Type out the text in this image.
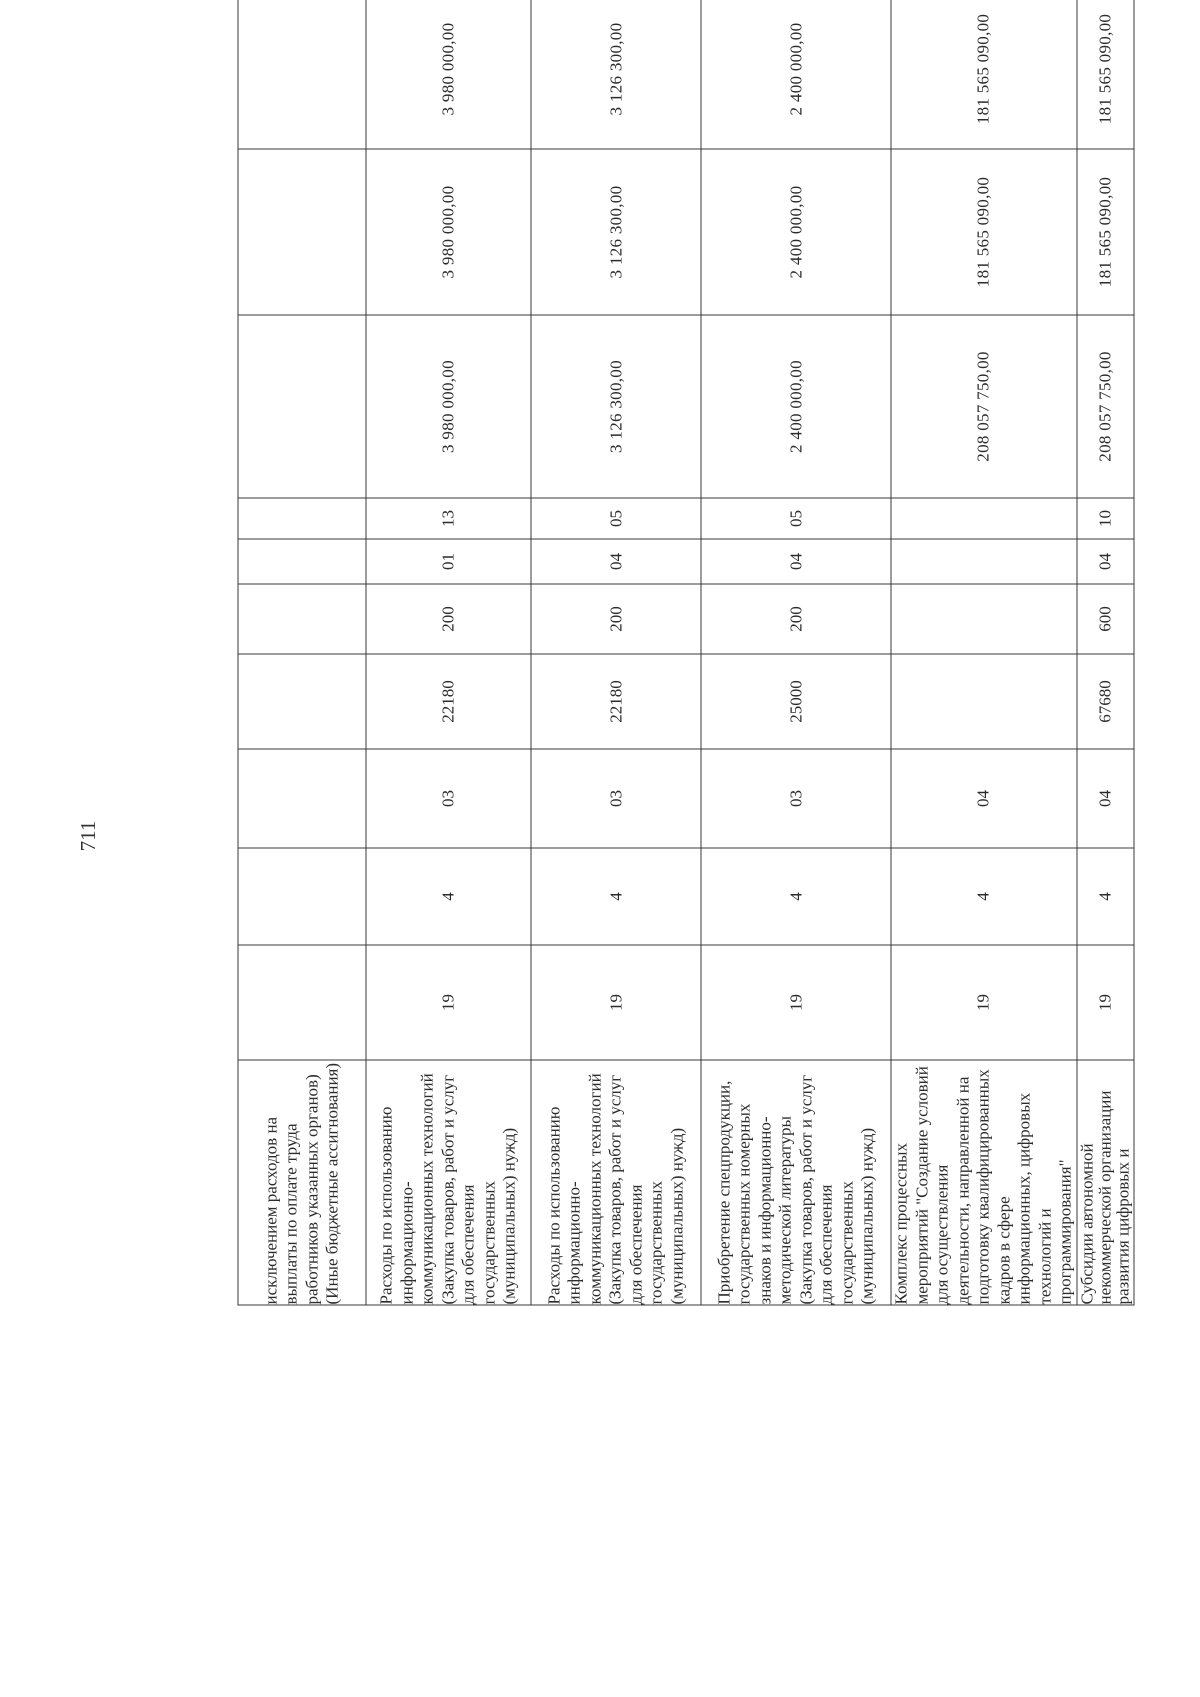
711
исключением расходов на выплаты по оплате труда работников указанных органов) (Иные бюджетные ассигнования)										
Расходы по использованию информационно-коммуникационных технологий (Закупка товаров, работ и услуг для обеспечения государственных (муниципальных) нужд)	19	4	03	22180	200	01	13	3 980 000,00	3 980 000,00	3 980 000,00
Расходы по использованию информационно-коммуникационных технологий (Закупка товаров, работ и услуг для обеспечения государственных (муниципальных) нужд)	19	4	03	22180	200	04	05	3 126 300,00	3 126 300,00	3 126 300,00
Приобретение спецпродукции, государственных номерных знаков и информационно-методической литературы (Закупка товаров, работ и услуг для обеспечения государственных (муниципальных) нужд)	19	4	03	25000	200	04	05	2 400 000,00	2 400 000,00	2 400 000,00
Комплекс процессных мероприятий "Создание условий для осуществления деятельности, направленной на подготовку квалифицированных кадров в сфере информационных, цифровых технологий и программирования"	19	4	04					208 057 750,00	181 565 090,00	181 565 090,00
Субсидии автономной некоммерческой организации развития цифровых и	19	4	04	67680	600	04	10	208 057 750,00	181 565 090,00	181 565 090,00
